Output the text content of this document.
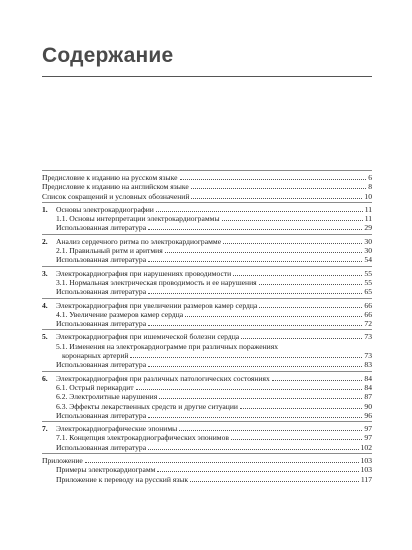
Содержание
Предисловие к изданию на русском языке	6
Предисловие к изданию на английском языке	8
Список сокращений и условных обозначений	10
1.	Основы электрокардиографии	11
1.1. Основы интерпретации электрокардиограммы	11
Использованная литература	29
2.	Анализ сердечного ритма по электрокардиограмме	30
2.1. Правильный ритм и аритмия	30
Использованная литература	54
3.	Электрокардиография при нарушениях проводимости	55
3.1. Нормальная электрическая проводимость и ее нарушения	55
Использованная литература	65
4.	Электрокардиография при увеличении размеров камер сердца	66
4.1. Увеличение размеров камер сердца	66
Использованная литература	72
5.	Электрокардиография при ишемической болезни сердца	73
5.1. Изменения на электрокардиограмме при различных поражениях
коронарных артерий	73
Использованная литература	83
6.	Электрокардиография при различных патологических состояниях	84
6.1. Острый перикардит	84
6.2. Электролитные нарушения	87
6.3. Эффекты лекарственных средств и другие ситуации	90
Использованная литература	96
7.	Электрокардиографические эпонимы	97
7.1. Концепция электрокардиографических эпонимов	97
Использованная литература	102
Приложение	103
Примеры электрокардиограмм	103
Приложение к переводу на русский язык	117
